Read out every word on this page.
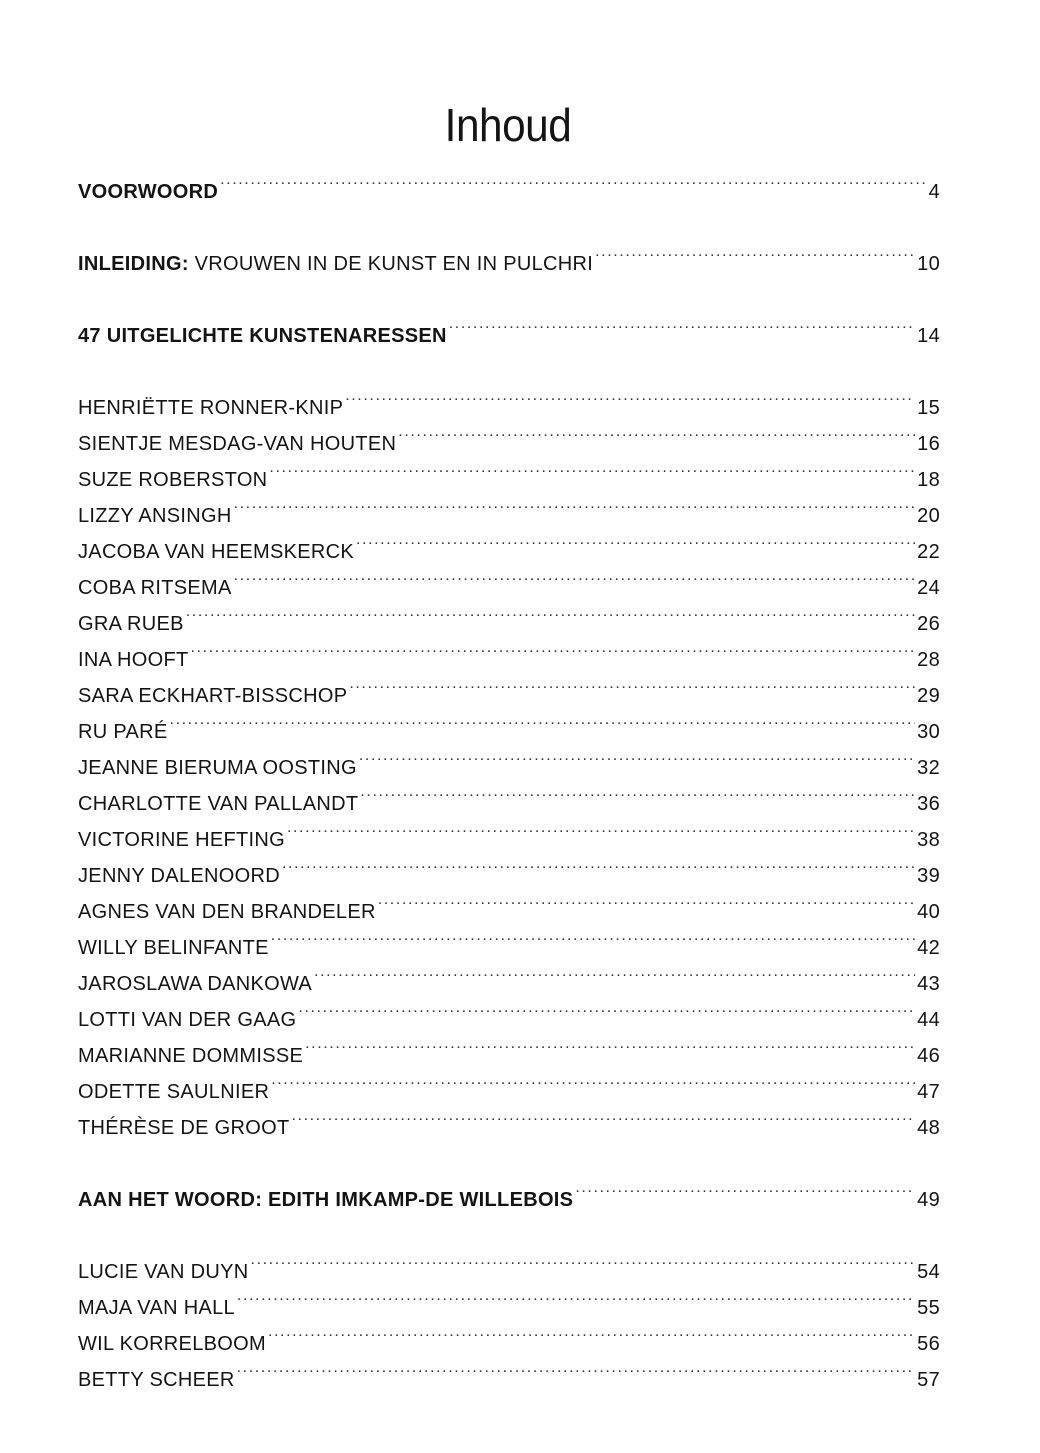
Inhoud
VOORWOORD .....	4
INLEIDING: VROUWEN IN DE KUNST EN IN PULCHRI .....	10
47 UITGELICHTE KUNSTENARESSEN .....	14
HENRIËTTE RONNER-KNIP .....	15
SIENTJE MESDAG-VAN HOUTEN .....	16
SUZE ROBERSTON .....	18
LIZZY ANSINGH .....	20
JACOBA VAN HEEMSKERCK .....	22
COBA RITSEMA .....	24
GRA RUEB .....	26
INA HOOFT .....	28
SARA ECKHART-BISSCHOP .....	29
RU PARÉ .....	30
JEANNE BIERUMA OOSTING .....	32
CHARLOTTE VAN PALLANDT .....	36
VICTORINE HEFTING .....	38
JENNY DALENOORD .....	39
AGNES VAN DEN BRANDELER .....	40
WILLY BELINFANTE .....	42
JAROSLAWA DANKOWA .....	43
LOTTI VAN DER GAAG .....	44
MARIANNE DOMMISSE .....	46
ODETTE SAULNIER .....	47
THÉRÈSE DE GROOT .....	48
AAN HET WOORD: EDITH IMKAMP-DE WILLEBOIS .....	49
LUCIE VAN DUYN .....	54
MAJA VAN HALL .....	55
WIL KORRELBOOM .....	56
BETTY SCHEER .....	57
